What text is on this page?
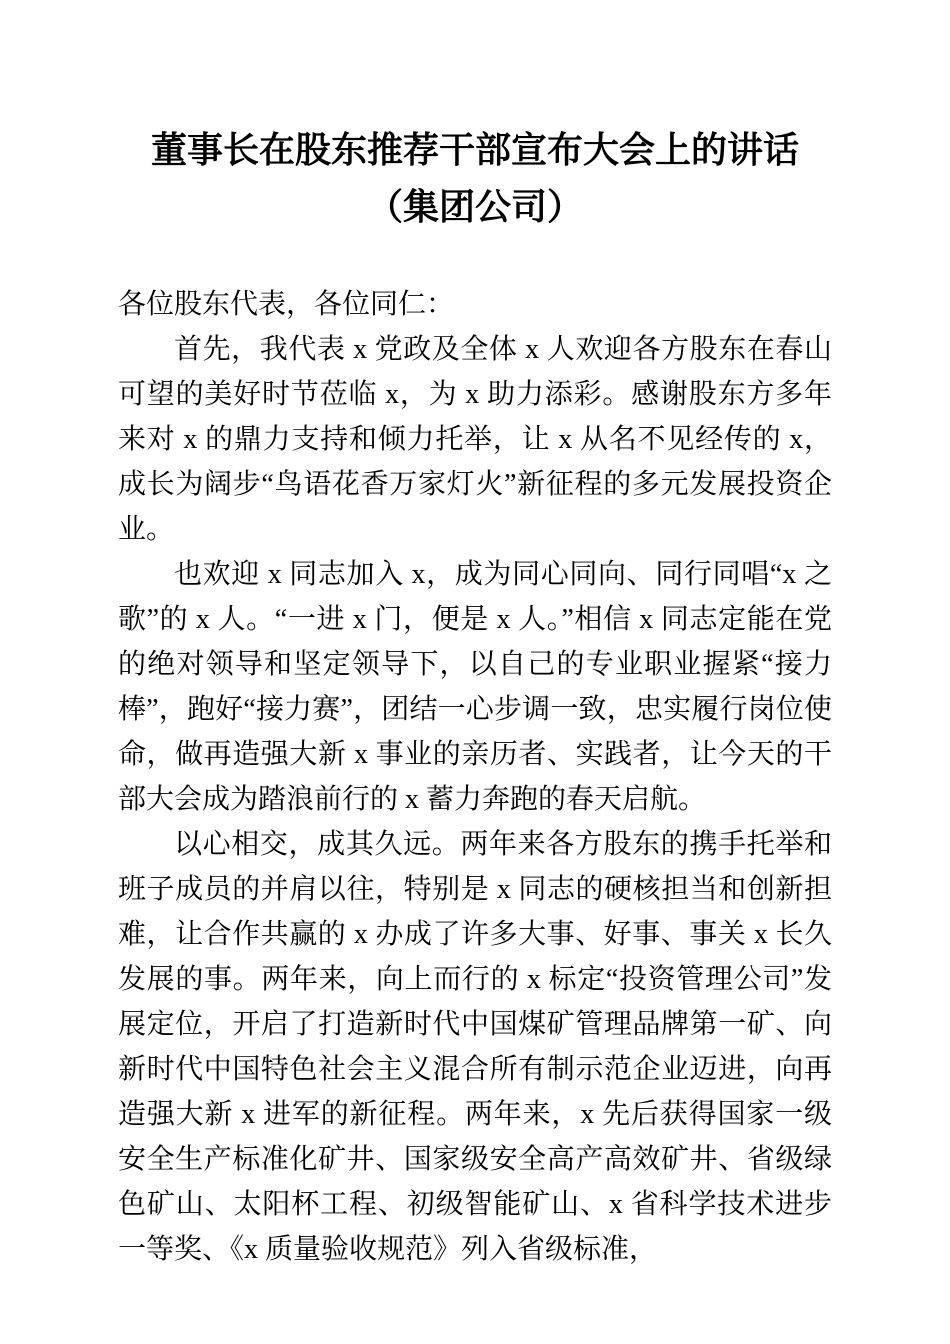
董事长在股东推荐干部宣布大会上的讲话（集团公司）

各位股东代表，各位同仁：

首先，我代表 x 党政及全体 x 人欢迎各方股东在春山可望的美好时节莅临 x，为 x 助力添彩。感谢股东方多年来对 x 的鼎力支持和倾力托举，让 x 从名不见经传的 x，成长为阔步“鸟语花香万家灯火”新征程的多元发展投资企业。

也欢迎 x 同志加入 x，成为同心同向、同行同唱“x 之歌”的 x 人。“一进 x 门，便是 x 人。”相信 x 同志定能在党的绝对领导和坚定领导下，以自己的专业职业握紧“接力棒”，跑好“接力赛”，团结一心步调一致，忠实履行岗位使命，做再造强大新 x 事业的亲历者、实践者，让今天的干部大会成为踏浪前行的 x 蓄力奔跑的春天启航。

以心相交，成其久远。两年来各方股东的携手托举和班子成员的并肩以往，特别是 x 同志的硬核担当和创新担难，让合作共赢的 x 办成了许多大事、好事、事关 x 长久发展的事。两年来，向上而行的 x 标定“投资管理公司”发展定位，开启了打造新时代中国煤矿管理品牌第一矿、向新时代中国特色社会主义混合所有制示范企业迈进，向再造强大新 x 进军的新征程。两年来，x 先后获得国家一级安全生产标准化矿井、国家级安全高产高效矿井、省级绿色矿山、太阳杯工程、初级智能矿山、x 省科学技术进步一等奖、《x 质量验收规范》列入省级标准，
